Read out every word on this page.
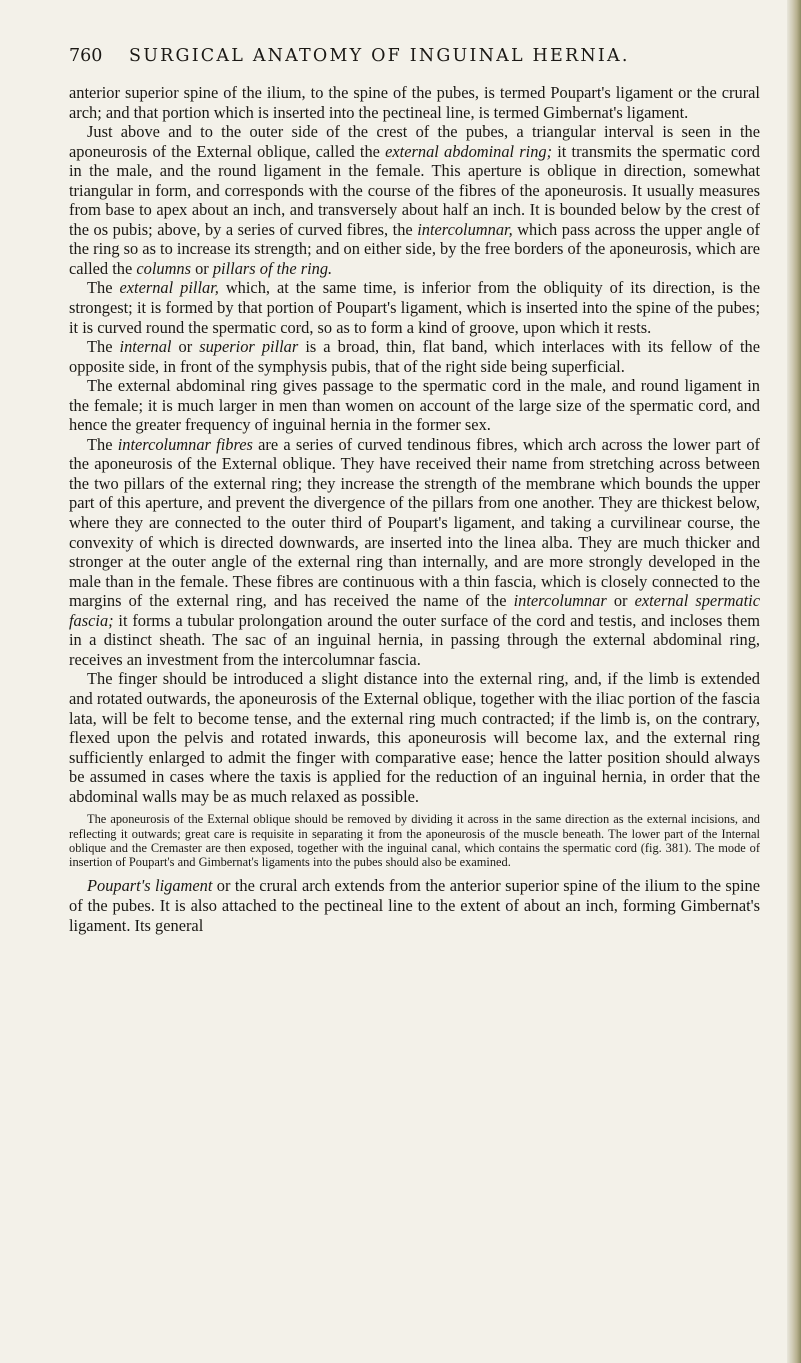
760 SURGICAL ANATOMY OF INGUINAL HERNIA.

anterior superior spine of the ilium, to the spine of the pubes, is termed Poupart's ligament or the crural arch; and that portion which is inserted into the pectineal line, is termed Gimbernat's ligament.

Just above and to the outer side of the crest of the pubes, a triangular interval is seen in the aponeurosis of the External oblique, called the external abdominal ring; it transmits the spermatic cord in the male, and the round ligament in the female. This aperture is oblique in direction, somewhat triangular in form, and corresponds with the course of the fibres of the aponeurosis. It usually measures from base to apex about an inch, and transversely about half an inch. It is bounded below by the crest of the os pubis; above, by a series of curved fibres, the intercolumnar, which pass across the upper angle of the ring so as to increase its strength; and on either side, by the free borders of the aponeurosis, which are called the columns or pillars of the ring.

The external pillar, which, at the same time, is inferior from the obliquity of its direction, is the strongest; it is formed by that portion of Poupart's ligament, which is inserted into the spine of the pubes; it is curved round the spermatic cord, so as to form a kind of groove, upon which it rests.

The internal or superior pillar is a broad, thin, flat band, which interlaces with its fellow of the opposite side, in front of the symphysis pubis, that of the right side being superficial.

The external abdominal ring gives passage to the spermatic cord in the male, and round ligament in the female; it is much larger in men than women on account of the large size of the spermatic cord, and hence the greater frequency of inguinal hernia in the former sex.

The intercolumnar fibres are a series of curved tendinous fibres, which arch across the lower part of the aponeurosis of the External oblique. They have received their name from stretching across between the two pillars of the external ring; they increase the strength of the membrane which bounds the upper part of this aperture, and prevent the divergence of the pillars from one another. They are thickest below, where they are connected to the outer third of Poupart's ligament, and taking a curvilinear course, the convexity of which is directed downwards, are inserted into the linea alba. They are much thicker and stronger at the outer angle of the external ring than internally, and are more strongly developed in the male than in the female. These fibres are continuous with a thin fascia, which is closely connected to the margins of the external ring, and has received the name of the intercolumnar or external spermatic fascia; it forms a tubular prolongation around the outer surface of the cord and testis, and incloses them in a distinct sheath. The sac of an inguinal hernia, in passing through the external abdominal ring, receives an investment from the intercolumnar fascia.

The finger should be introduced a slight distance into the external ring, and, if the limb is extended and rotated outwards, the aponeurosis of the External oblique, together with the iliac portion of the fascia lata, will be felt to become tense, and the external ring much contracted; if the limb is, on the contrary, flexed upon the pelvis and rotated inwards, this aponeurosis will become lax, and the external ring sufficiently enlarged to admit the finger with comparative ease; hence the latter position should always be assumed in cases where the taxis is applied for the reduction of an inguinal hernia, in order that the abdominal walls may be as much relaxed as possible.

The aponeurosis of the External oblique should be removed by dividing it across in the same direction as the external incisions, and reflecting it outwards; great care is requisite in separating it from the aponeurosis of the muscle beneath. The lower part of the Internal oblique and the Cremaster are then exposed, together with the inguinal canal, which contains the spermatic cord (fig. 381). The mode of insertion of Poupart's and Gimbernat's ligaments into the pubes should also be examined.

Poupart's ligament or the crural arch extends from the anterior superior spine of the ilium to the spine of the pubes. It is also attached to the pectineal line to the extent of about an inch, forming Gimbernat's ligament. Its general
